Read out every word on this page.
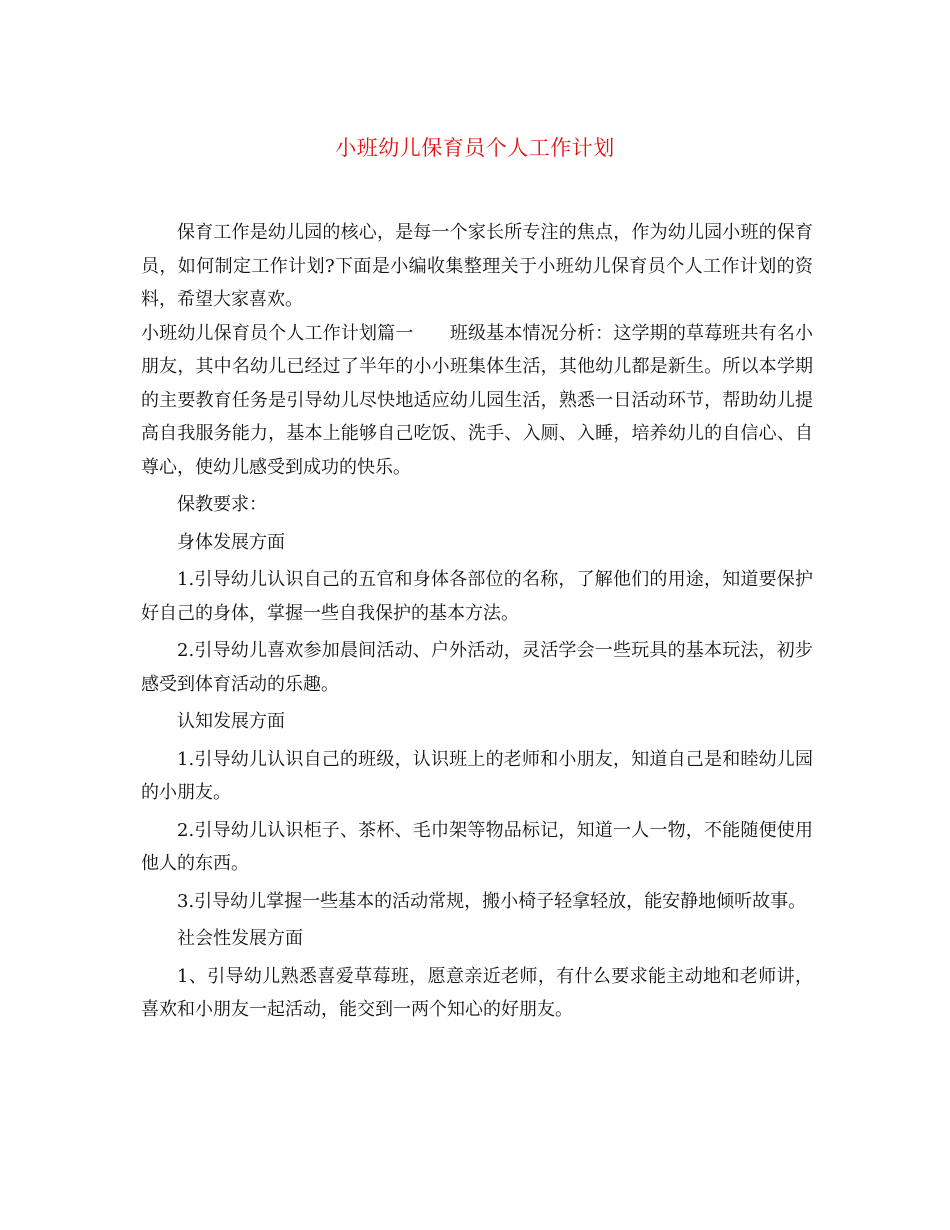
小班幼儿保育员个人工作计划

保育工作是幼儿园的核心，是每一个家长所专注的焦点，作为幼儿园小班的保育员，如何制定工作计划?下面是小编收集整理关于小班幼儿保育员个人工作计划的资料，希望大家喜欢。

小班幼儿保育员个人工作计划篇一　　班级基本情况分析：这学期的草莓班共有名小朋友，其中名幼儿已经过了半年的小小班集体生活，其他幼儿都是新生。所以本学期的主要教育任务是引导幼儿尽快地适应幼儿园生活，熟悉一日活动环节，帮助幼儿提高自我服务能力，基本上能够自己吃饭、洗手、入厕、入睡，培养幼儿的自信心、自尊心，使幼儿感受到成功的快乐。

保教要求：

身体发展方面

1.引导幼儿认识自己的五官和身体各部位的名称，了解他们的用途，知道要保护好自己的身体，掌握一些自我保护的基本方法。

2.引导幼儿喜欢参加晨间活动、户外活动，灵活学会一些玩具的基本玩法，初步感受到体育活动的乐趣。

认知发展方面

1.引导幼儿认识自己的班级，认识班上的老师和小朋友，知道自己是和睦幼儿园的小朋友。

2.引导幼儿认识柜子、茶杯、毛巾架等物品标记，知道一人一物，不能随便使用他人的东西。

3.引导幼儿掌握一些基本的活动常规，搬小椅子轻拿轻放，能安静地倾听故事。

社会性发展方面

1、引导幼儿熟悉喜爱草莓班，愿意亲近老师，有什么要求能主动地和老师讲，喜欢和小朋友一起活动，能交到一两个知心的好朋友。
